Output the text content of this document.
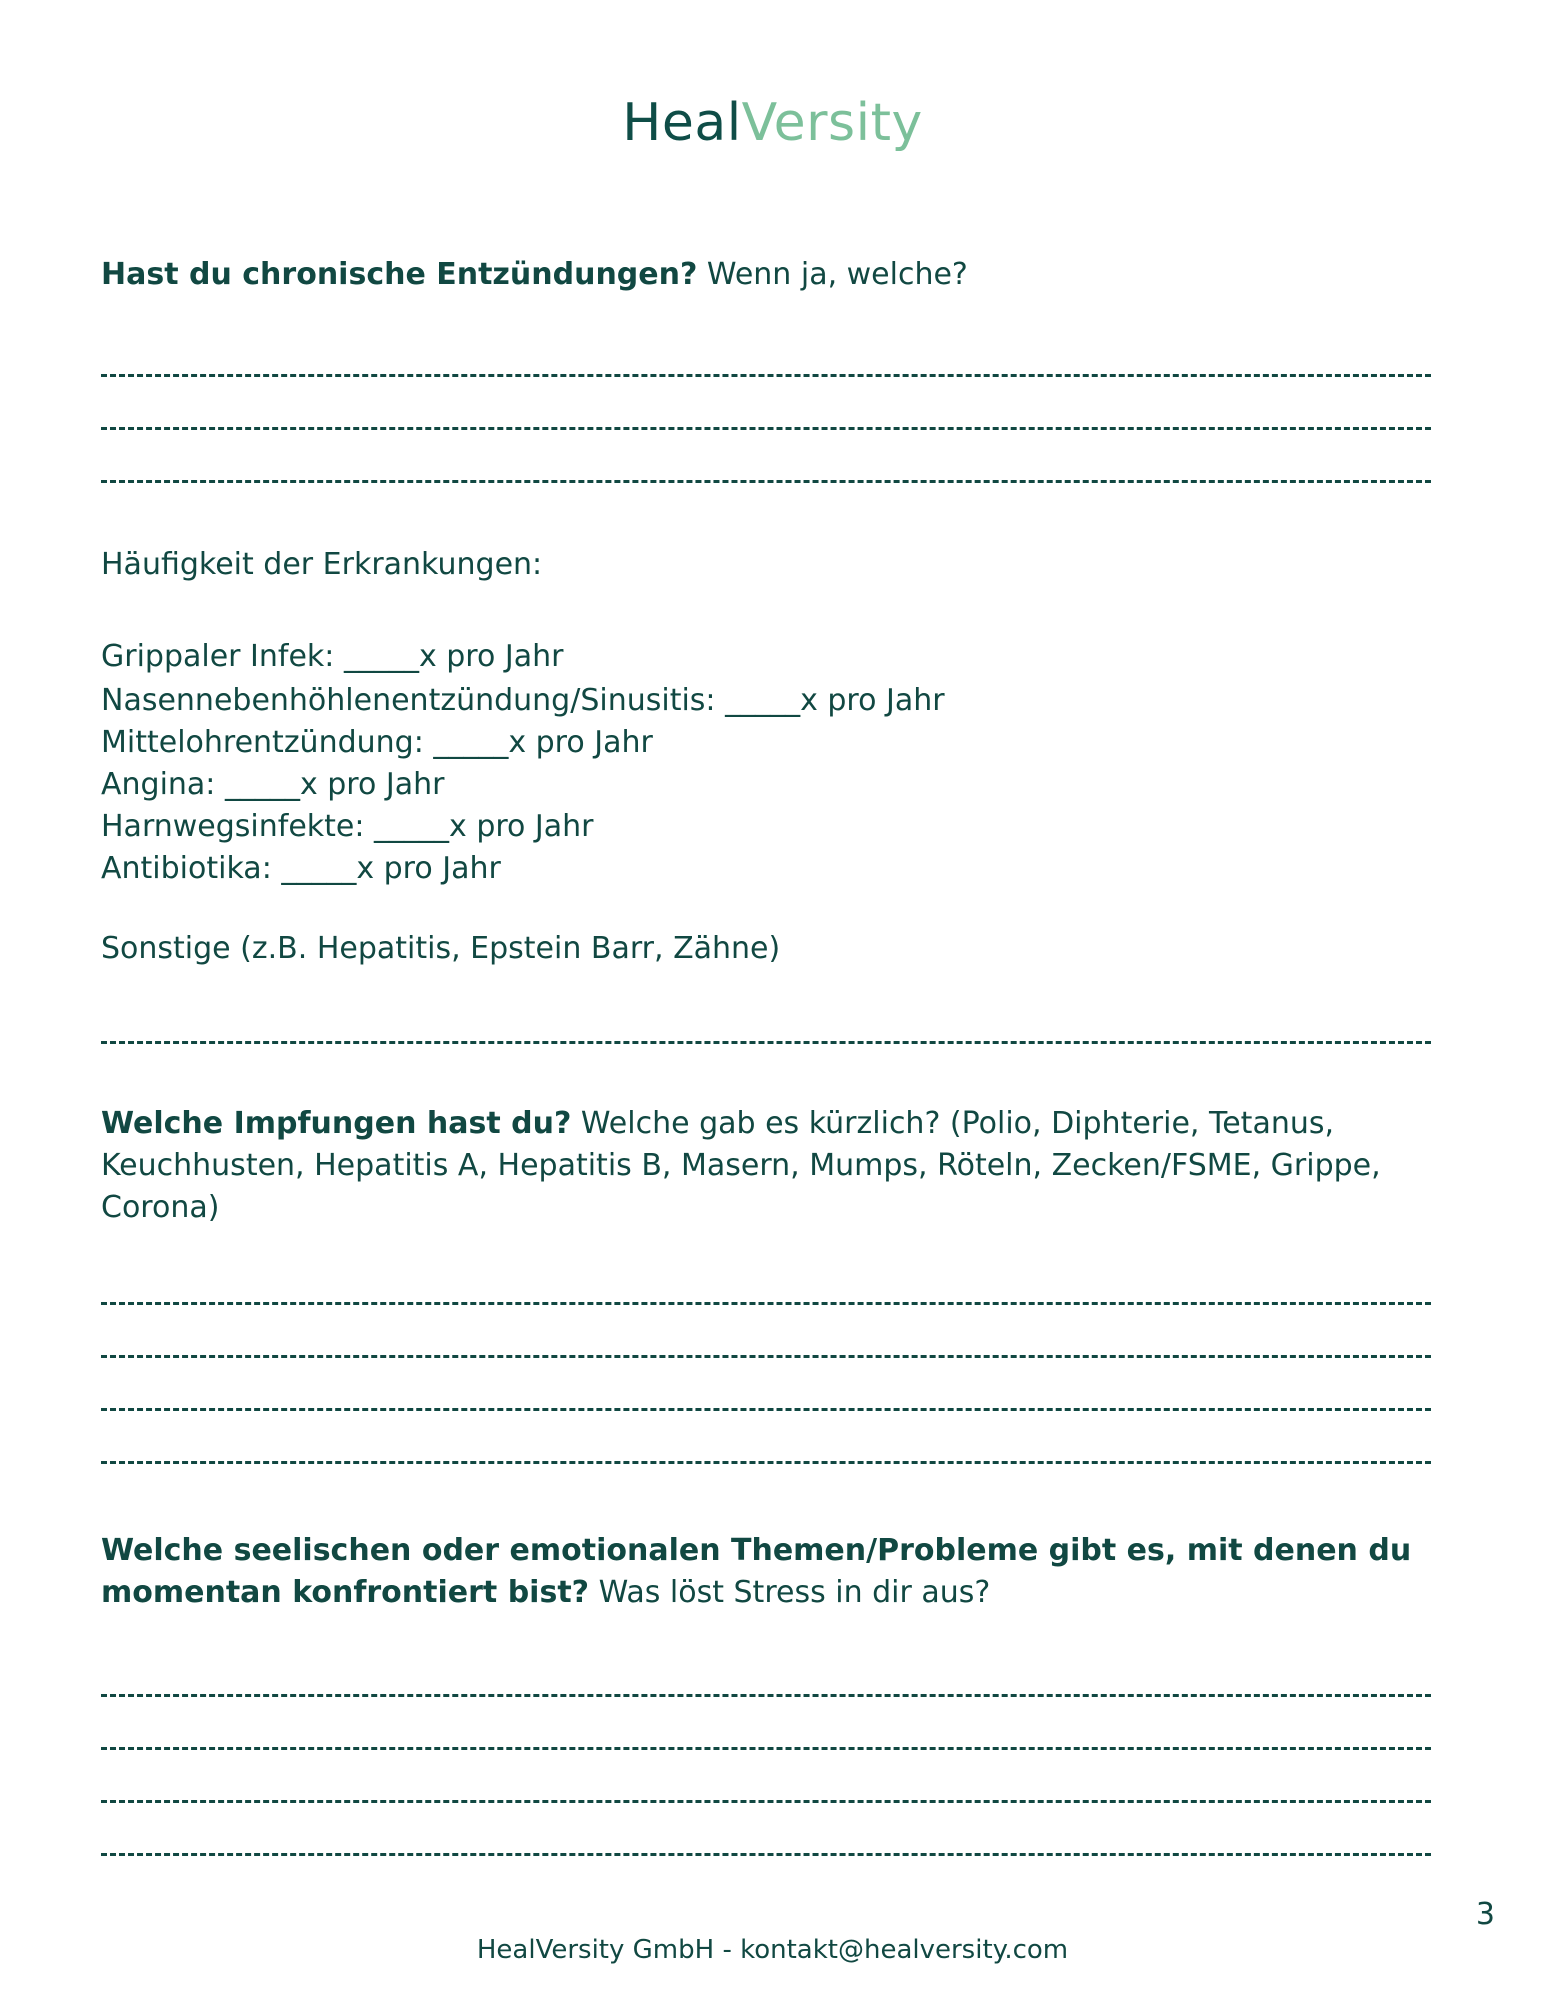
HealVersity
Hast du chronische Entzündungen? Wenn ja, welche?
Häufigkeit der Erkrankungen:
Grippaler Infek: _____x pro Jahr
Nasennebenhöhlenentzündung/Sinusitis: _____x pro Jahr
Mittelohrentzündung: _____x pro Jahr
Angina: _____x pro Jahr
Harnwegsinfekte: _____x pro Jahr
Antibiotika: _____x pro Jahr
Sonstige (z.B. Hepatitis, Epstein Barr, Zähne)
Welche Impfungen hast du? Welche gab es kürzlich? (Polio, Diphterie, Tetanus, Keuchhusten, Hepatitis A, Hepatitis B, Masern, Mumps, Röteln, Zecken/FSME, Grippe, Corona)
Welche seelischen oder emotionalen Themen/Probleme gibt es, mit denen du momentan konfrontiert bist? Was löst Stress in dir aus?
3
HealVersity GmbH - kontakt@healversity.com
